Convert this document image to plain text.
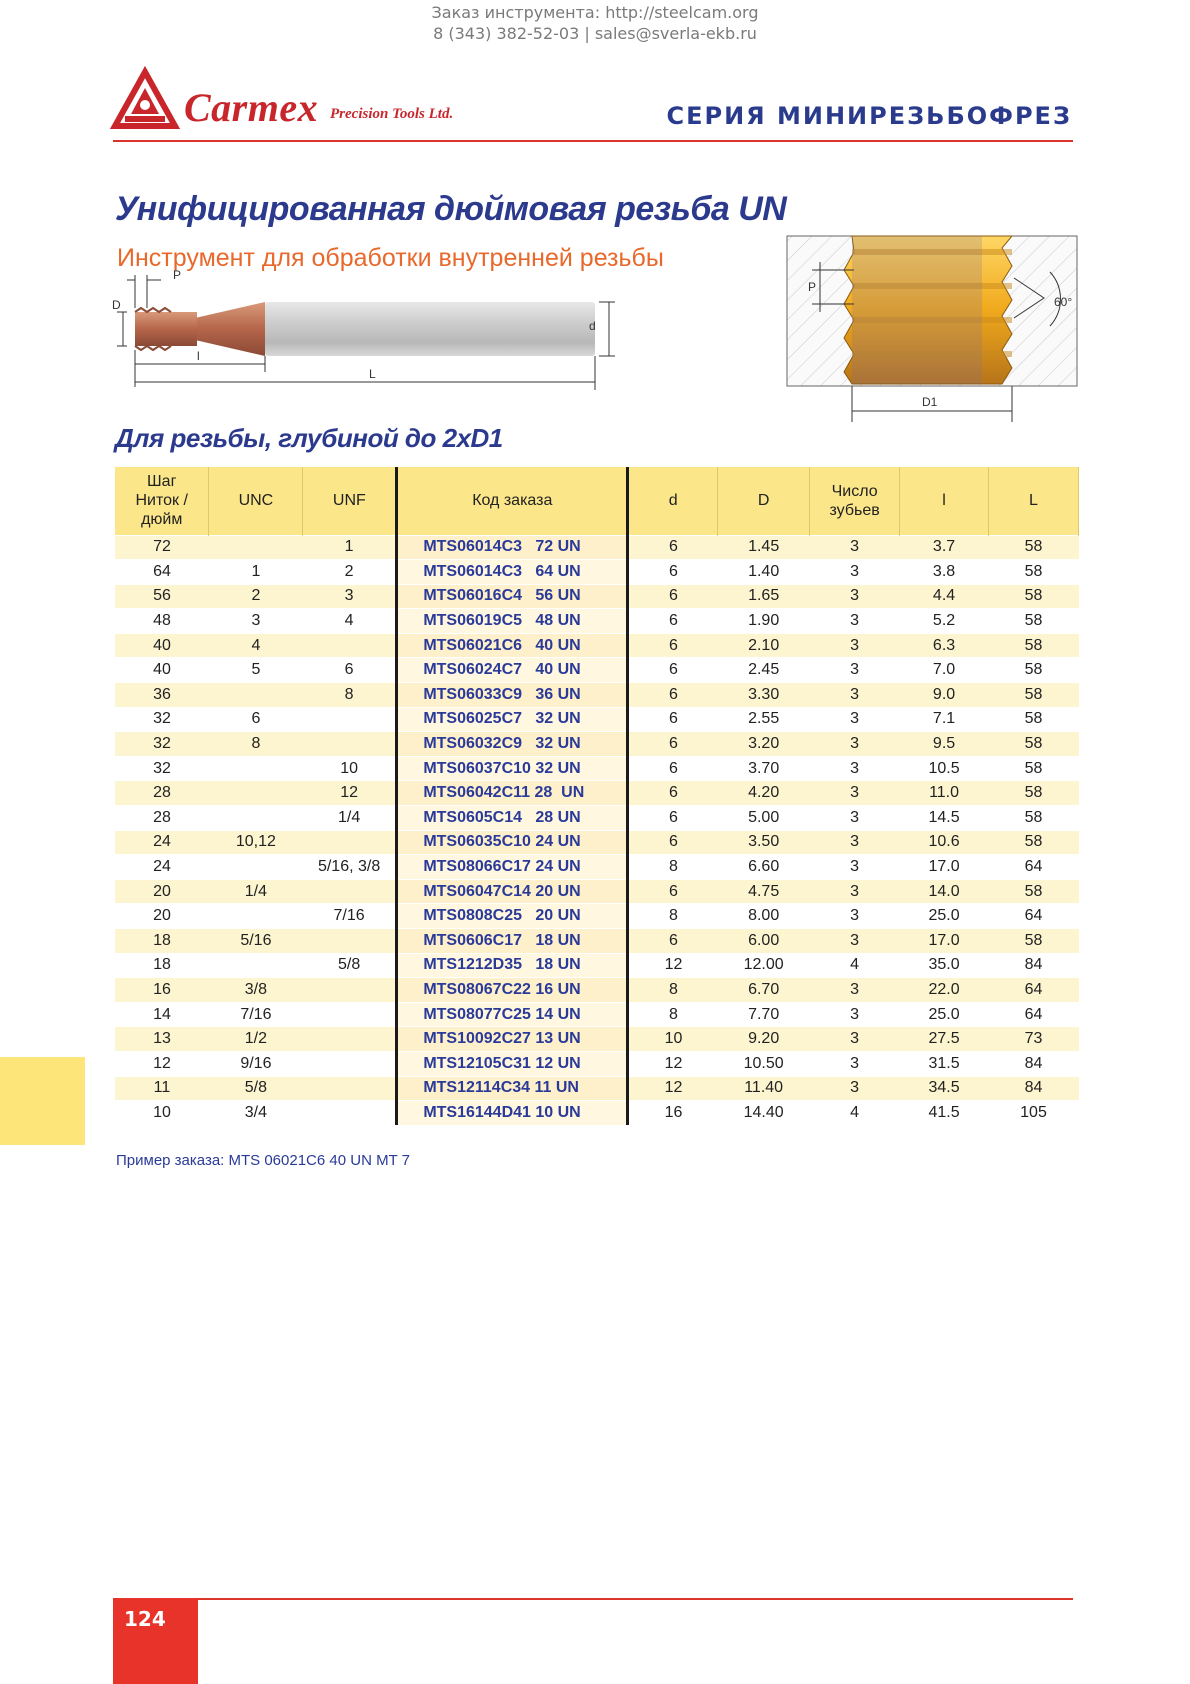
Заказ инструмента: http://steelcam.org
8 (343) 382-52-03 | sales@sverla-ekb.ru
Carmex Precision Tools Ltd.	СЕРИЯ МИНИРЕЗЬБОФРЕЗ
Унифицированная дюймовая резьба UN
Инструмент для обработки внутренней резьбы
P
D
d
l
L
P
60°
D1
Для резьбы, глубиной до 2xD1
Шаг
Ниток /
дюйм	UNC	UNF	Код заказа	d	D	Число
зубьев	l	L
72		1	MTS06014C3   72 UN	6	1.45	3	3.7	58
64	1	2	MTS06014C3   64 UN	6	1.40	3	3.8	58
56	2	3	MTS06016C4   56 UN	6	1.65	3	4.4	58
48	3	4	MTS06019C5   48 UN	6	1.90	3	5.2	58
40	4		MTS06021C6   40 UN	6	2.10	3	6.3	58
40	5	6	MTS06024C7   40 UN	6	2.45	3	7.0	58
36		8	MTS06033C9   36 UN	6	3.30	3	9.0	58
32	6		MTS06025C7   32 UN	6	2.55	3	7.1	58
32	8		MTS06032C9   32 UN	6	3.20	3	9.5	58
32		10	MTS06037C10 32 UN	6	3.70	3	10.5	58
28		12	MTS06042C11 28  UN	6	4.20	3	11.0	58
28		1/4	MTS0605C14   28 UN	6	5.00	3	14.5	58
24	10,12		MTS06035C10 24 UN	6	3.50	3	10.6	58
24		5/16, 3/8	MTS08066C17 24 UN	8	6.60	3	17.0	64
20	1/4		MTS06047C14 20 UN	6	4.75	3	14.0	58
20		7/16	MTS0808C25   20 UN	8	8.00	3	25.0	64
18	5/16		MTS0606C17   18 UN	6	6.00	3	17.0	58
18		5/8	MTS1212D35   18 UN	12	12.00	4	35.0	84
16	3/8		MTS08067C22 16 UN	8	6.70	3	22.0	64
14	7/16		MTS08077C25 14 UN	8	7.70	3	25.0	64
13	1/2		MTS10092C27 13 UN	10	9.20	3	27.5	73
12	9/16		MTS12105C31 12 UN	12	10.50	3	31.5	84
11	5/8		MTS12114C34 11 UN	12	11.40	3	34.5	84
10	3/4		MTS16144D41 10 UN	16	14.40	4	41.5	105
Пример заказа: MTS 06021C6 40 UN MT 7
124
